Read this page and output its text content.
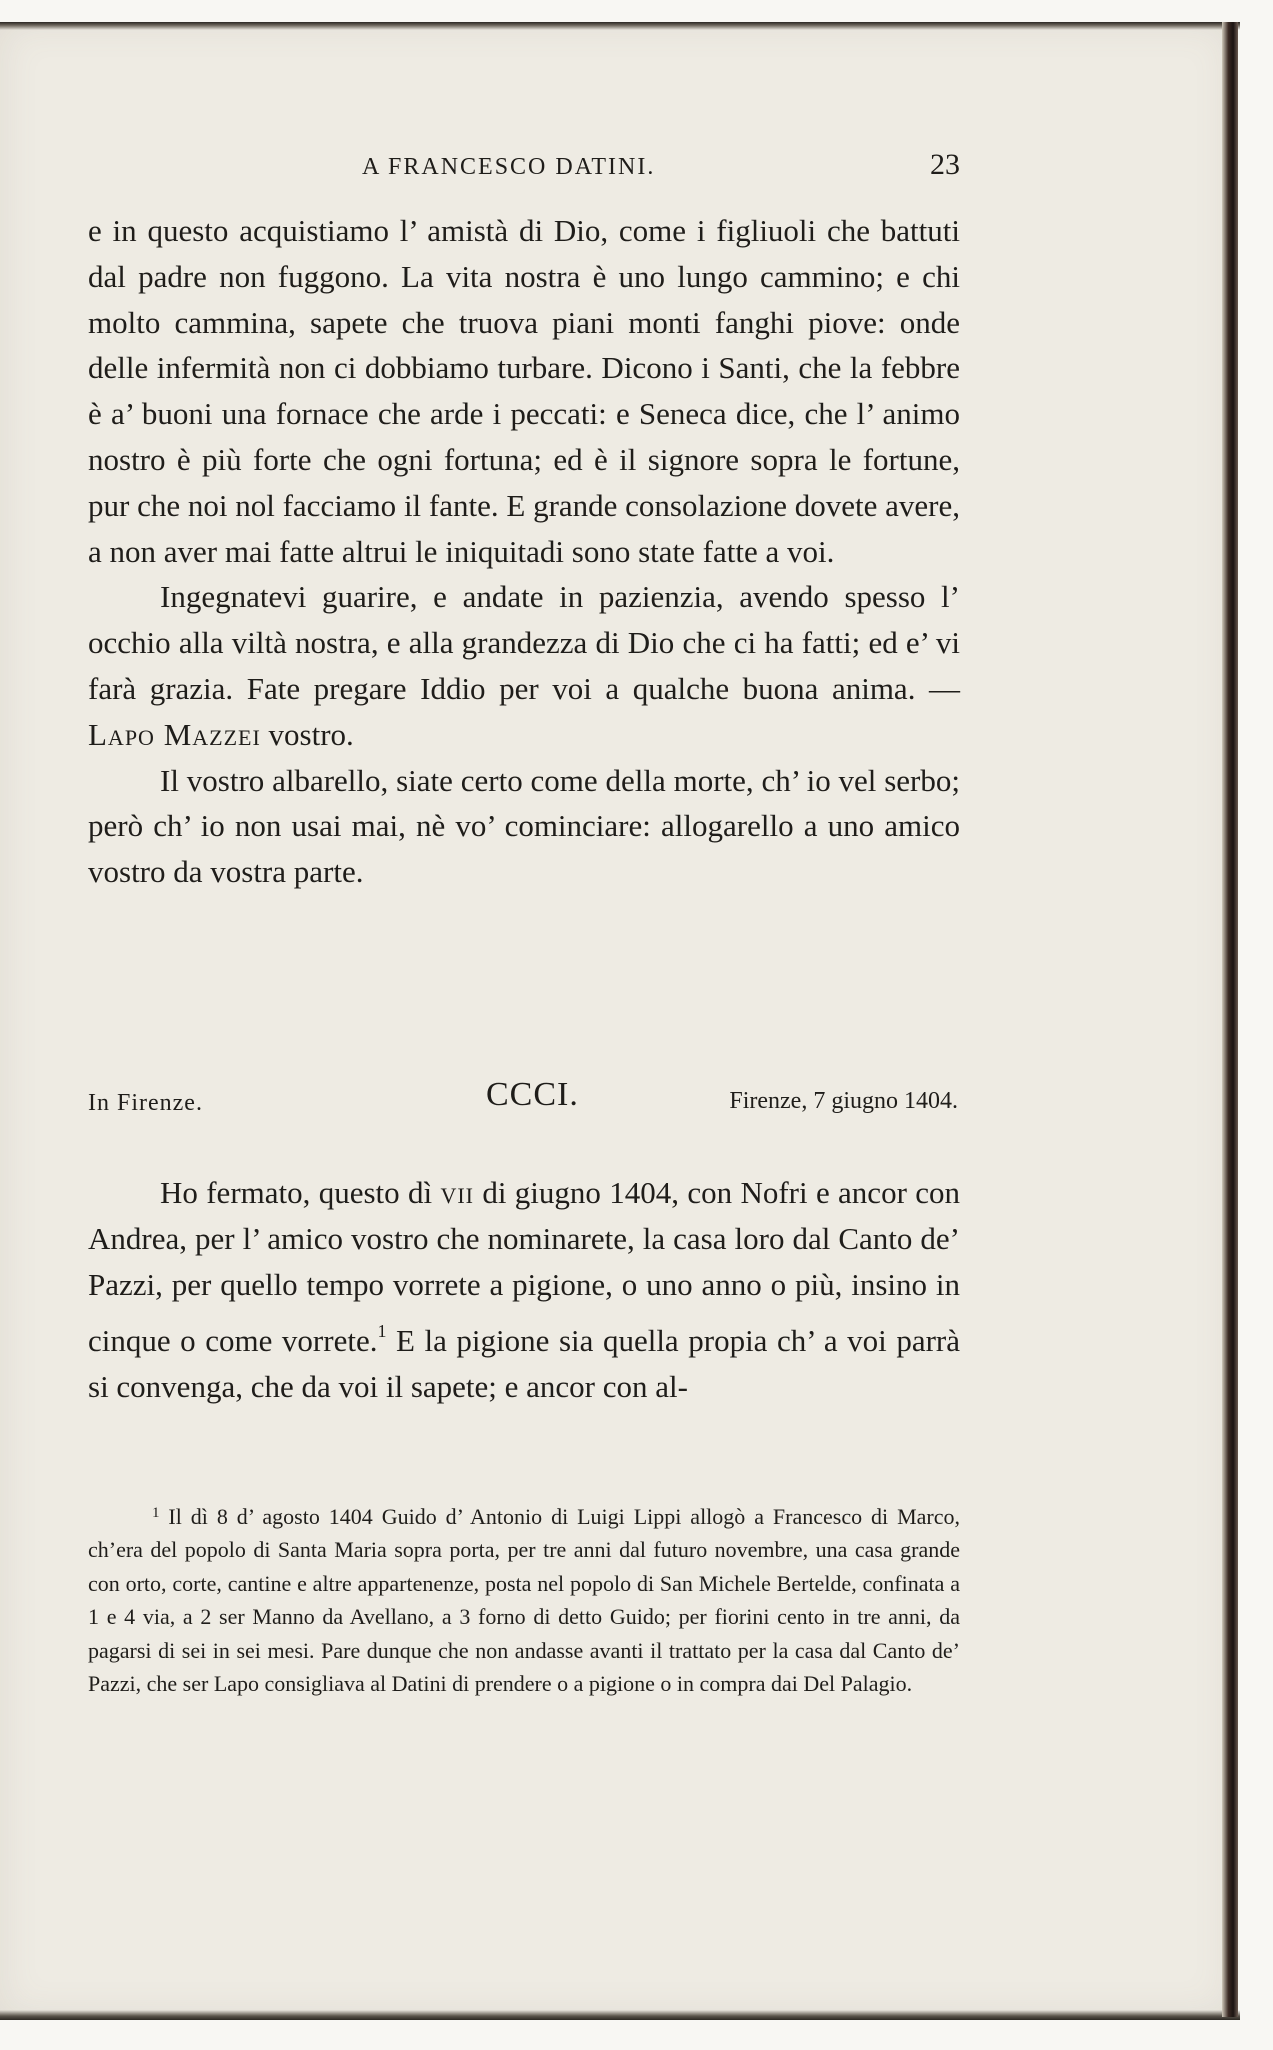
A FRANCESCO DATINI.	23

e in questo acquistiamo l’ amistà di Dio, come i figliuoli che battuti dal padre non fuggono. La vita nostra è uno lungo cammino; e chi molto cammina, sapete che truova piani monti fanghi piove: onde delle infermità non ci dobbiamo turbare. Dicono i Santi, che la febbre è a’ buoni una fornace che arde i peccati: e Seneca dice, che l’ animo nostro è più forte che ogni fortuna; ed è il signore sopra le fortune, pur che noi nol facciamo il fante. E grande consolazione dovete avere, a non aver mai fatte altrui le iniquitadi sono state fatte a voi.

Ingegnatevi guarire, e andate in pazienzia, avendo spesso l’ occhio alla viltà nostra, e alla grandezza di Dio che ci ha fatti; ed e’ vi farà grazia. Fate pregare Iddio per voi a qualche buona anima. — Lapo Mazzei vostro.

Il vostro albarello, siate certo come della morte, ch’ io vel serbo; però ch’ io non usai mai, nè vo’ cominciare: allogarello a uno amico vostro da vostra parte.

In Firenze.	CCCI.	Firenze, 7 giugno 1404.

Ho fermato, questo dì vii di giugno 1404, con Nofri e ancor con Andrea, per l’ amico vostro che nominarete, la casa loro dal Canto de’ Pazzi, per quello tempo vorrete a pigione, o uno anno o più, insino in cinque o come vorrete.$^1$ E la pigione sia quella propia ch’ a voi parrà si convenga, che da voi il sapete; e ancor con al-

$^1$ Il dì 8 d’ agosto 1404 Guido d’ Antonio di Luigi Lippi allogò a Francesco di Marco, ch’era del popolo di Santa Maria sopra porta, per tre anni dal futuro novembre, una casa grande con orto, corte, cantine e altre appartenenze, posta nel popolo di San Michele Bertelde, confinata a 1 e 4 via, a 2 ser Manno da Avellano, a 3 forno di detto Guido; per fiorini cento in tre anni, da pagarsi di sei in sei mesi. Pare dunque che non andasse avanti il trattato per la casa dal Canto de’ Pazzi, che ser Lapo consigliava al Datini di prendere o a pigione o in compra dai Del Palagio.
